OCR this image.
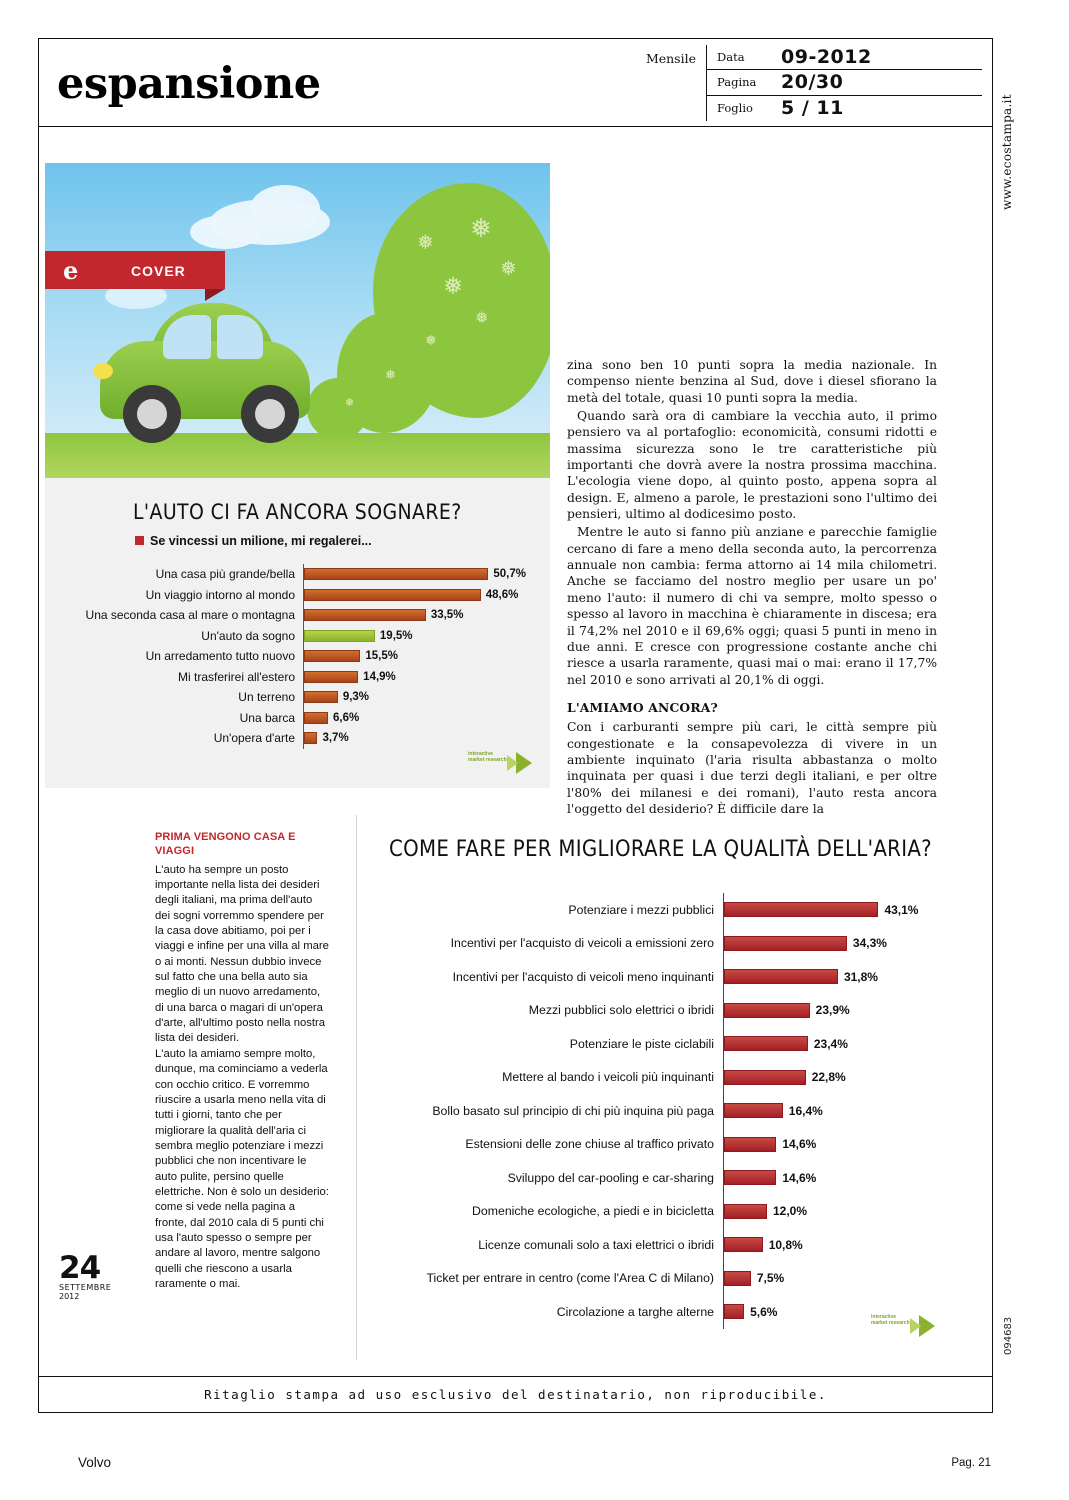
espansione
Mensile	Data	09-2012
Pagina	20/30
Foglio	5 / 11
❅ ❅
❅
❅
❅
❅
❅
❅
e	COVER
L'AUTO CI FA ANCORA SOGNARE?
Se vincessi un milione, mi regalerei...
Una casa più grande/bella	50,7%
Un viaggio intorno al mondo	48,6%
Una seconda casa al mare o montagna	33,5%
Un'auto da sogno	19,5%
Un arredamento tutto nuovo	15,5%
Mi trasferirei all'estero	14,9%
Un terreno	9,3%
Una barca	6,6%
Un'opera d'arte	3,7%
interactive
market research

zina sono ben 10 punti sopra la media nazionale. In compenso niente benzina al Sud, dove i diesel sfiorano la metà del totale, quasi 10 punti sopra la media.

Quando sarà ora di cambiare la vecchia auto, il primo pensiero va al portafoglio: economicità, consumi ridotti e massima sicurezza sono le tre caratteristiche più importanti che dovrà avere la nostra prossima macchina. L'ecologia viene dopo, al quinto posto, appena sopra al design. E, almeno a parole, le prestazioni sono l'ultimo dei pensieri, ultimo al dodicesimo posto.

Mentre le auto si fanno più anziane e parecchie famiglie cercano di fare a meno della seconda auto, la percorrenza annuale non cambia: ferma attorno ai 14 mila chilometri. Anche se facciamo del nostro meglio per usare un po' meno l'auto: il numero di chi va sempre, molto spesso o spesso al lavoro in macchina è chiaramente in discesa; era il 74,2% nel 2010 e il 69,6% oggi; quasi 5 punti in meno in due anni. E cresce con progressione costante anche chi riesce a usarla raramente, quasi mai o mai: erano il 17,7% nel 2010 e sono arrivati al 20,1% di oggi.

L'AMIAMO ANCORA?

Con i carburanti sempre più cari, le città sempre più congestionate e la consapevolezza di vivere in un ambiente inquinato (l'aria risulta abbastanza o molto inquinata per quasi i due terzi degli italiani, e per oltre l'80% dei milanesi e dei romani), l'auto resta ancora l'oggetto del desiderio? È difficile dare la

PRIMA VENGONO CASA E VIAGGI

L'auto ha sempre un posto importante nella lista dei desideri degli italiani, ma prima dell'auto dei sogni vorremmo spendere per la casa dove abitiamo, poi per i viaggi e infine per una villa al mare o ai monti. Nessun dubbio invece sul fatto che una bella auto sia meglio di un nuovo arredamento, di una barca o magari di un'opera d'arte, all'ultimo posto nella nostra lista dei desideri.

L'auto la amiamo sempre molto, dunque, ma cominciamo a vederla con occhio critico. E vorremmo riuscire a usarla meno nella vita di tutti i giorni, tanto che per migliorare la qualità dell'aria ci sembra meglio potenziare i mezzi pubblici che non incentivare le auto pulite, persino quelle elettriche. Non è solo un desiderio: come si vede nella pagina a fronte, dal 2010 cala di 5 punti chi usa l'auto spesso o sempre per andare al lavoro, mentre salgono quelli che riescono a usarla raramente o mai.

COME FARE PER MIGLIORARE LA QUALITÀ DELL'ARIA?
Potenziare i mezzi pubblici	43,1%
Incentivi per l'acquisto di veicoli a emissioni zero	34,3%
Incentivi per l'acquisto di veicoli meno inquinanti	31,8%
Mezzi pubblici solo elettrici o ibridi	23,9%
Potenziare le piste ciclabili	23,4%
Mettere al bando i veicoli più inquinanti	22,8%
Bollo basato sul principio di chi più inquina più paga	16,4%
Estensioni delle zone chiuse al traffico privato	14,6%
Sviluppo del car-pooling e car-sharing	14,6%
Domeniche ecologiche, a piedi e in bicicletta	12,0%
Licenze comunali solo a taxi elettrici o ibridi	10,8%
Ticket per entrare in centro (come l'Area C di Milano)	7,5%
Circolazione a targhe alterne	5,6%	interactive
market research
24
SETTEMBRE
2012
Ritaglio stampa ad uso esclusivo del destinatario, non riproducibile.
www.ecostampa.it
094683
Volvo	Pag. 21
